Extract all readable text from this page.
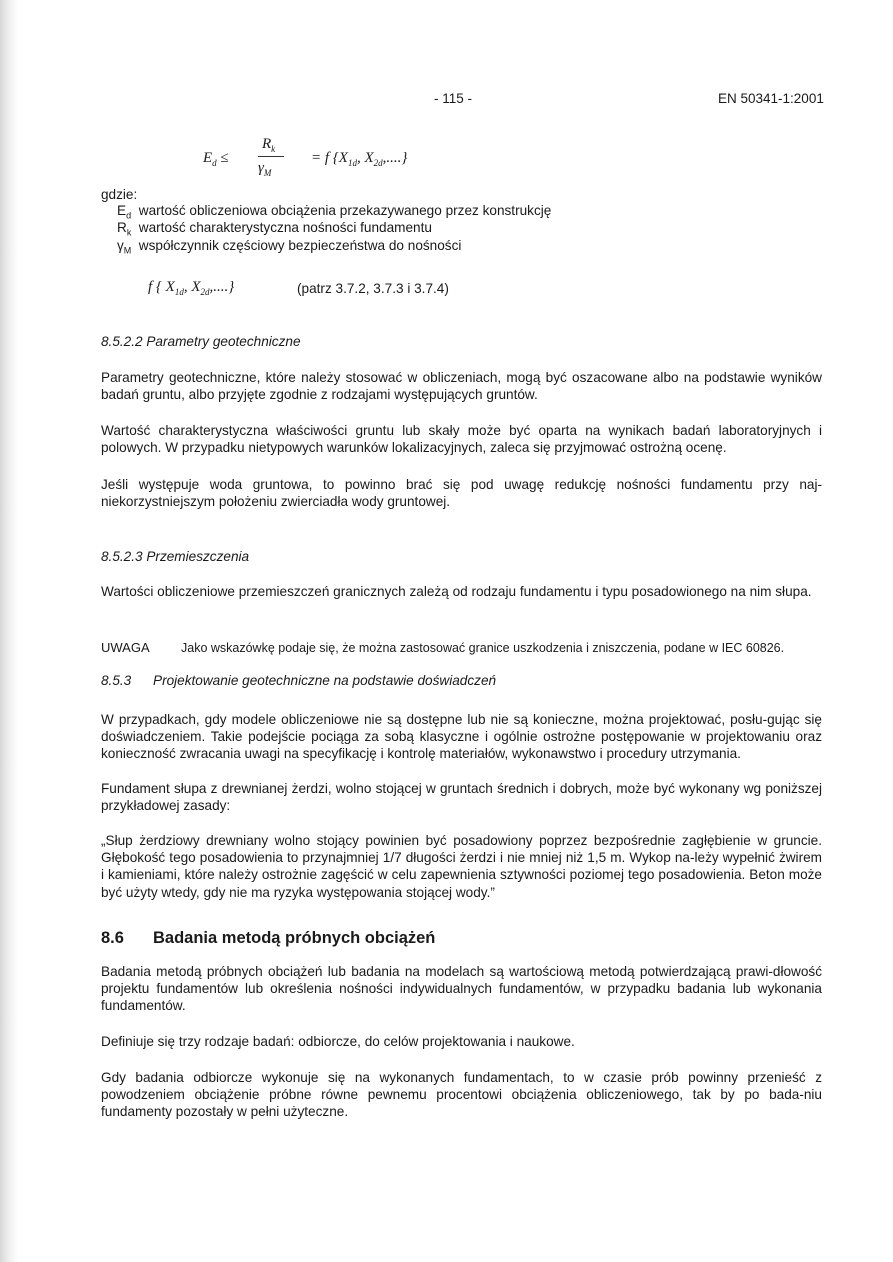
- 115 -	EN 50341-1:2001
$E_d$ ≤
$R_k$
$\gamma_M$
= f {$X_{1d}$, $X_{2d}$,....}
gdzie:
$E_d$ wartość obliczeniowa obciążenia przekazywanego przez konstrukcję
$R_k$ wartość charakterystyczna nośności fundamentu
$\gamma_M$ współczynnik częściowy bezpieczeństwa do nośności
f { $X_{1d}$, $X_{2d}$,....}	(patrz 3.7.2, 3.7.3 i 3.7.4)
8.5.2.2 Parametry geotechniczne
Parametry geotechniczne, które należy stosować w obliczeniach, mogą być oszacowane albo na podstawie wyników badań gruntu, albo przyjęte zgodnie z rodzajami występujących gruntów.
Wartość charakterystyczna właściwości gruntu lub skały może być oparta na wynikach badań laboratoryjnych i polowych. W przypadku nietypowych warunków lokalizacyjnych, zaleca się przyjmować ostrożną ocenę.
Jeśli występuje woda gruntowa, to powinno brać się pod uwagę redukcję nośności fundamentu przy naj-niekorzystniejszym położeniu zwierciadła wody gruntowej.
8.5.2.3 Przemieszczenia
Wartości obliczeniowe przemieszczeń granicznych zależą od rodzaju fundamentu i typu posadowionego na nim słupa.
UWAGA	Jako wskazówkę podaje się, że można zastosować granice uszkodzenia i zniszczenia, podane w IEC 60826.
8.5.3 Projektowanie geotechniczne na podstawie doświadczeń
W przypadkach, gdy modele obliczeniowe nie są dostępne lub nie są konieczne, można projektować, posłu-gując się doświadczeniem. Takie podejście pociąga za sobą klasyczne i ogólnie ostrożne postępowanie w projektowaniu oraz konieczność zwracania uwagi na specyfikację i kontrolę materiałów, wykonawstwo i procedury utrzymania.
Fundament słupa z drewnianej żerdzi, wolno stojącej w gruntach średnich i dobrych, może być wykonany wg poniższej przykładowej zasady:
„Słup żerdziowy drewniany wolno stojący powinien być posadowiony poprzez bezpośrednie zagłębienie w gruncie. Głębokość tego posadowienia to przynajmniej 1/7 długości żerdzi i nie mniej niż 1,5 m. Wykop na-leży wypełnić żwirem i kamieniami, które należy ostrożnie zagęścić w celu zapewnienia sztywności poziomej tego posadowienia. Beton może być użyty wtedy, gdy nie ma ryzyka występowania stojącej wody.”
8.6 Badania metodą próbnych obciążeń
Badania metodą próbnych obciążeń lub badania na modelach są wartościową metodą potwierdzającą prawi-dłowość projektu fundamentów lub określenia nośności indywidualnych fundamentów, w przypadku badania lub wykonania fundamentów.
Definiuje się trzy rodzaje badań: odbiorcze, do celów projektowania i naukowe.
Gdy badania odbiorcze wykonuje się na wykonanych fundamentach, to w czasie prób powinny przenieść z powodzeniem obciążenie próbne równe pewnemu procentowi obciążenia obliczeniowego, tak by po bada-niu fundamenty pozostały w pełni użyteczne.
